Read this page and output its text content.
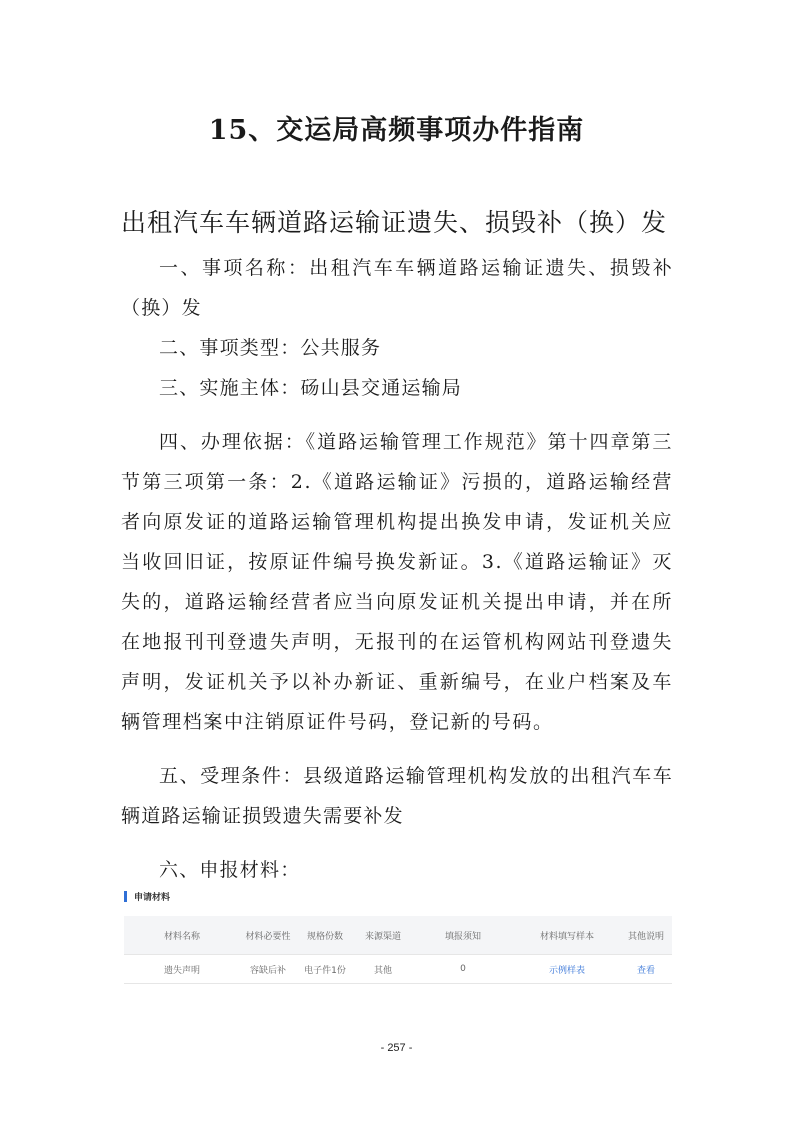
15、交运局高频事项办件指南
出租汽车车辆道路运输证遗失、损毁补（换）发
一、事项名称：出租汽车车辆道路运输证遗失、损毁补（换）发
二、事项类型：公共服务
三、实施主体：砀山县交通运输局
四、办理依据：《道路运输管理工作规范》第十四章第三节第三项第一条：2.《道路运输证》污损的，道路运输经营者向原发证的道路运输管理机构提出换发申请，发证机关应当收回旧证，按原证件编号换发新证。3.《道路运输证》灭失的，道路运输经营者应当向原发证机关提出申请，并在所在地报刊刊登遗失声明，无报刊的在运管机构网站刊登遗失声明，发证机关予以补办新证、重新编号，在业户档案及车辆管理档案中注销原证件号码，登记新的号码。
五、受理条件：县级道路运输管理机构发放的出租汽车车辆道路运输证损毁遗失需要补发
六、申报材料：
申请材料
材料名称	材料必要性	规格份数	来源渠道	填报须知	材料填写样本	其他说明
遗失声明	容缺后补	电子件1份	其他	0	示例样表	查看
- 257 -
